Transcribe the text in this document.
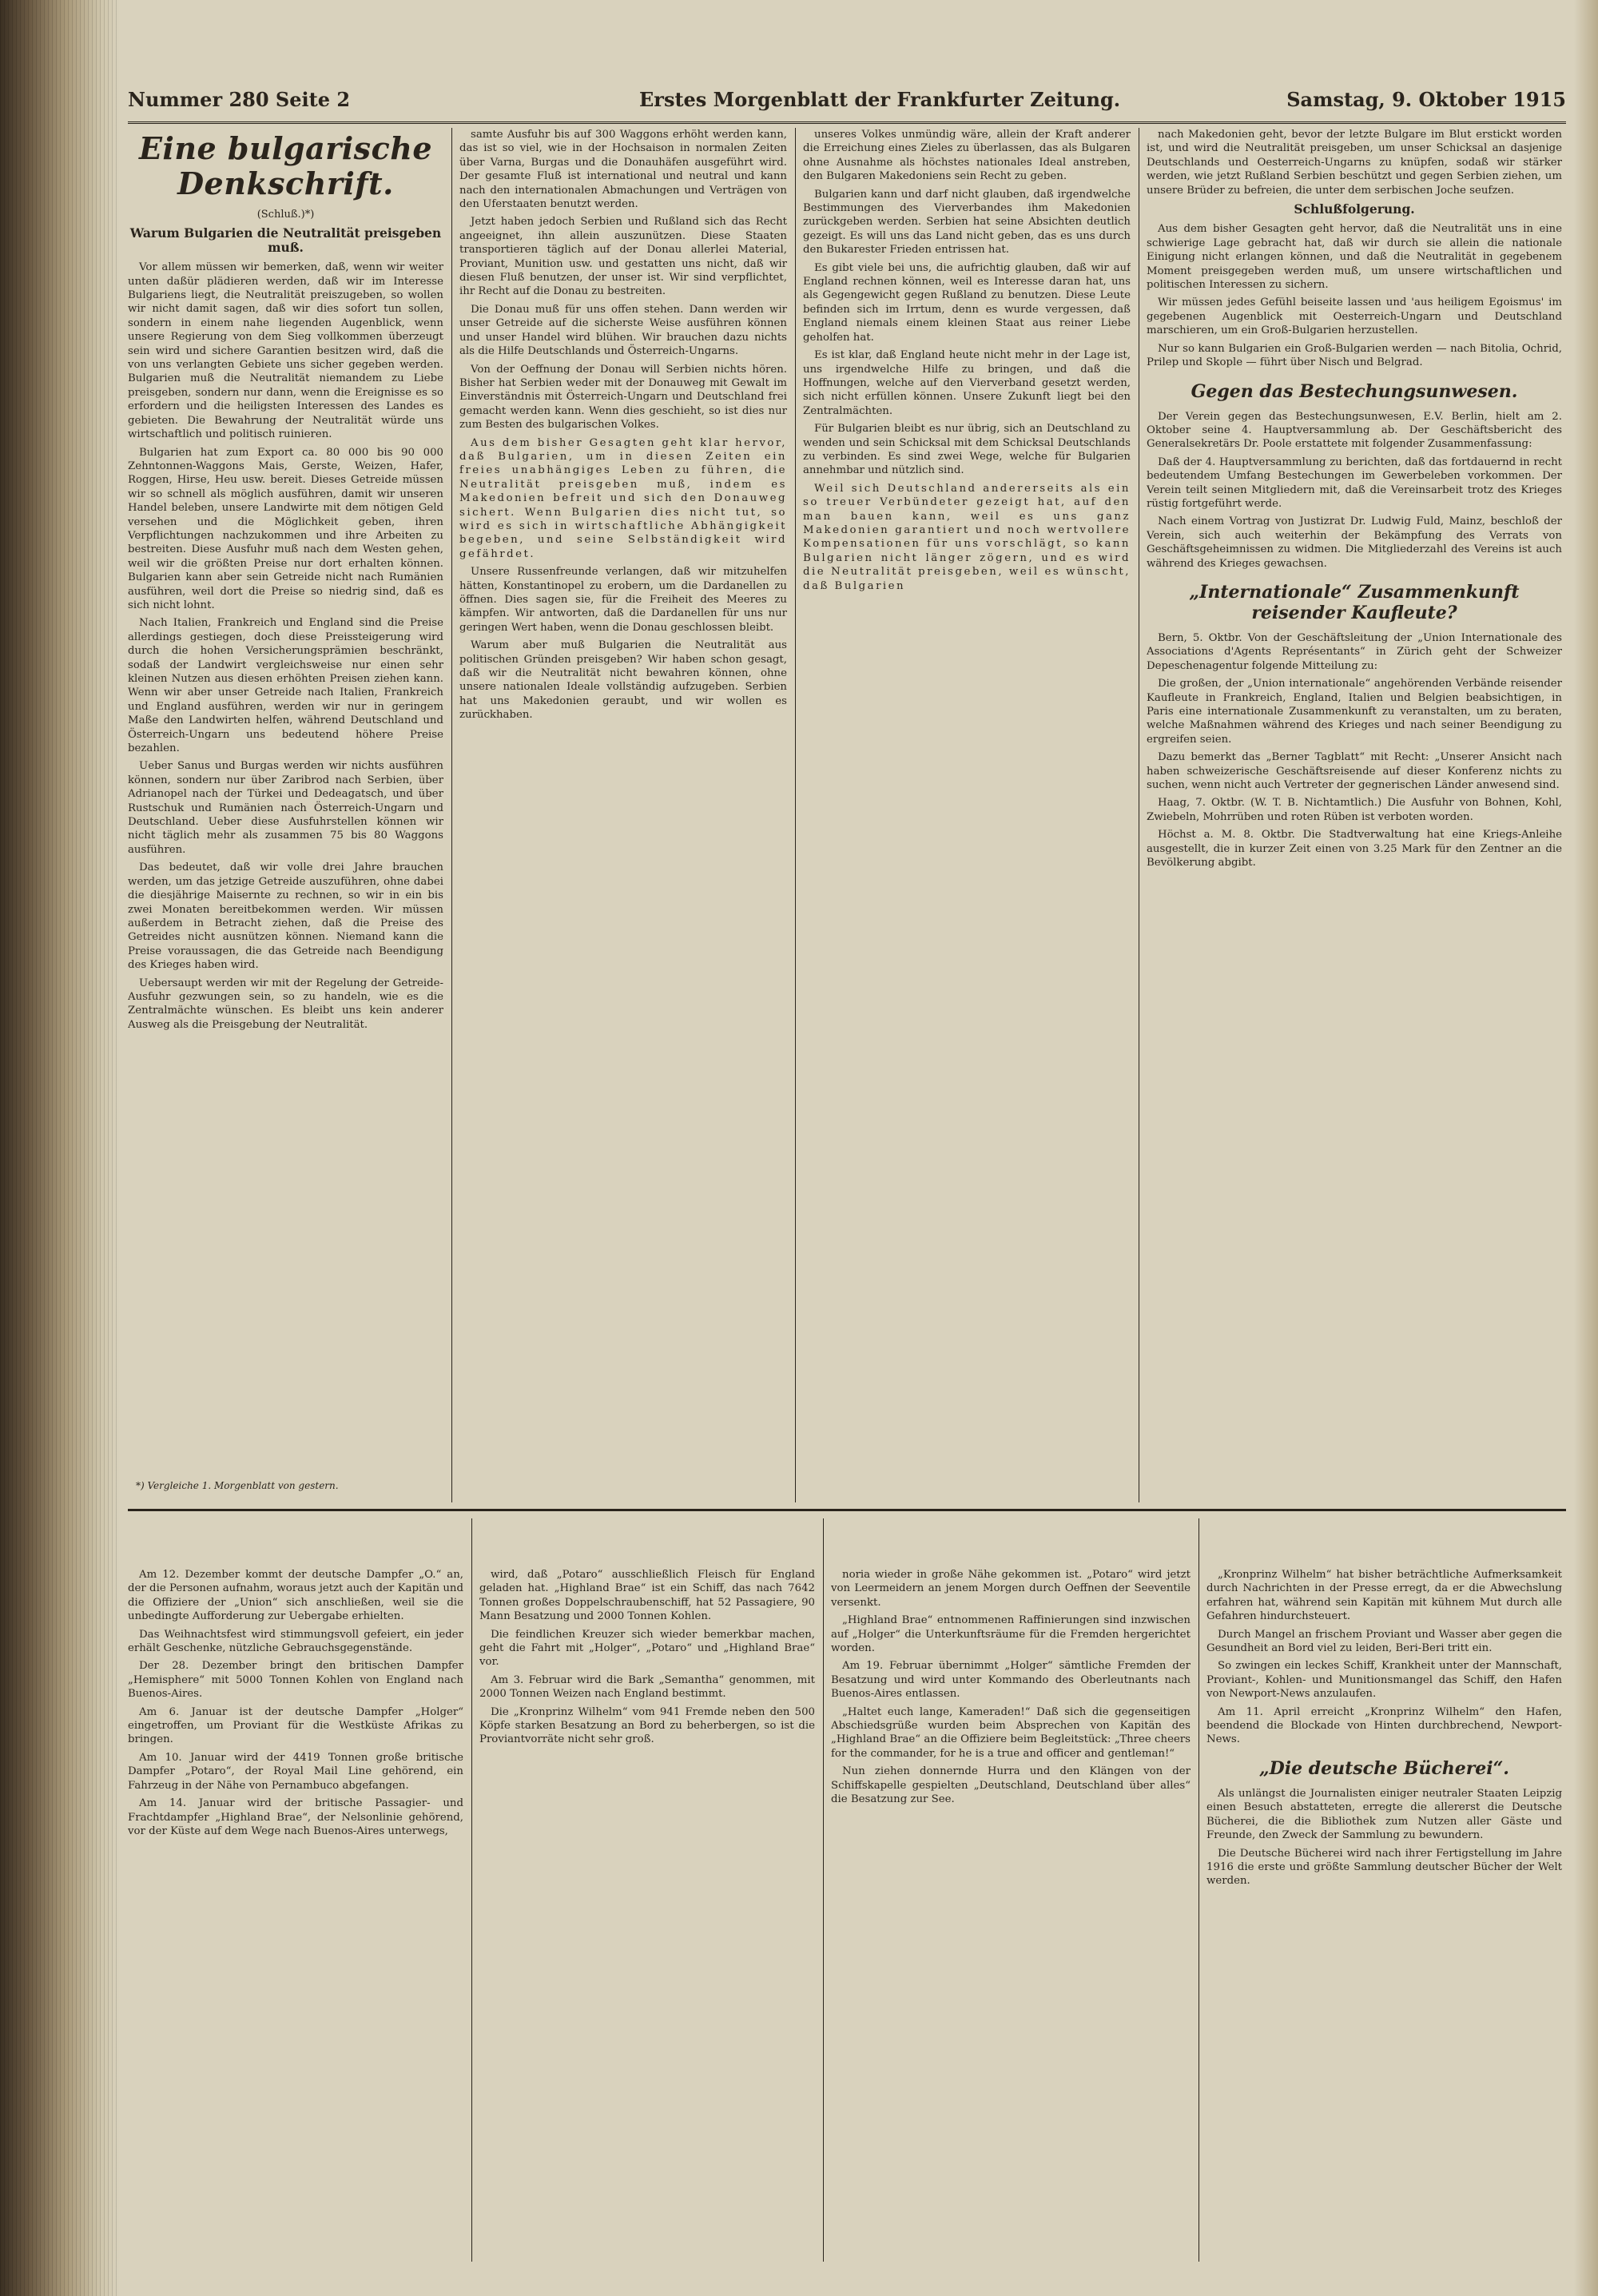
Nummer 280 Seite 2	Erstes Morgenblatt der Frankfurter Zeitung.	Samstag, 9. Oktober 1915
Eine bulgarische Denkschrift.
(Schluß.)*)
Warum Bulgarien die Neutralität preisgeben muß.

Vor allem müssen wir bemerken, daß, wenn wir weiter unten daßür plädieren werden, daß wir im Interesse Bulgariens liegt, die Neutralität preiszugeben, so wollen wir nicht damit sagen, daß wir dies sofort tun sollen, sondern in einem nahe liegenden Augenblick, wenn unsere Regierung von dem Sieg vollkommen überzeugt sein wird und sichere Garantien besitzen wird, daß die von uns verlangten Gebiete uns sicher gegeben werden. Bulgarien muß die Neutralität niemandem zu Liebe preisgeben, sondern nur dann, wenn die Ereignisse es so erfordern und die heiligsten Interessen des Landes es gebieten. Die Bewahrung der Neutralität würde uns wirtschaftlich und politisch ruinieren.

Bulgarien hat zum Export ca. 80 000 bis 90 000 Zehntonnen-Waggons Mais, Gerste, Weizen, Hafer, Roggen, Hirse, Heu usw. bereit. Dieses Getreide müssen wir so schnell als möglich ausführen, damit wir unseren Handel beleben, unsere Landwirte mit dem nötigen Geld versehen und die Möglichkeit geben, ihren Verpflichtungen nachzukommen und ihre Arbeiten zu bestreiten. Diese Ausfuhr muß nach dem Westen gehen, weil wir die größten Preise nur dort erhalten können. Bulgarien kann aber sein Getreide nicht nach Rumänien ausführen, weil dort die Preise so niedrig sind, daß es sich nicht lohnt.

Nach Italien, Frankreich und England sind die Preise allerdings gestiegen, doch diese Preissteigerung wird durch die hohen Versicherungsprämien beschränkt, sodaß der Landwirt vergleichsweise nur einen sehr kleinen Nutzen aus diesen erhöhten Preisen ziehen kann. Wenn wir aber unser Getreide nach Italien, Frankreich und England ausführen, werden wir nur in geringem Maße den Landwirten helfen, während Deutschland und Österreich-Ungarn uns bedeutend höhere Preise bezahlen.

Ueber Sanus und Burgas werden wir nichts ausführen können, sondern nur über Zaribrod nach Serbien, über Adrianopel nach der Türkei und Dedeagatsch, und über Rustschuk und Rumänien nach Österreich-Ungarn und Deutschland. Ueber diese Ausfuhrstellen können wir nicht täglich mehr als zusammen 75 bis 80 Waggons ausführen.

Das bedeutet, daß wir volle drei Jahre brauchen werden, um das jetzige Getreide auszuführen, ohne dabei die diesjährige Maisernte zu rechnen, so wir in ein bis zwei Monaten bereitbekommen werden. Wir müssen außerdem in Betracht ziehen, daß die Preise des Getreides nicht ausnützen können. Niemand kann die Preise voraussagen, die das Getreide nach Beendigung des Krieges haben wird.

Uebersaupt werden wir mit der Regelung der Getreide-Ausfuhr gezwungen sein, so zu handeln, wie es die Zentralmächte wünschen. Es bleibt uns kein anderer Ausweg als die Preisgebung der Neutralität.

*) Vergleiche 1. Morgenblatt von gestern.

samte Ausfuhr bis auf 300 Waggons erhöht werden kann, das ist so viel, wie in der Hochsaison in normalen Zeiten über Varna, Burgas und die Donauhäfen ausgeführt wird. Der gesamte Fluß ist international und neutral und kann nach den internationalen Abmachungen und Verträgen von den Uferstaaten benutzt werden.

Jetzt haben jedoch Serbien und Rußland sich das Recht angeeignet, ihn allein auszunützen. Diese Staaten transportieren täglich auf der Donau allerlei Material, Proviant, Munition usw. und gestatten uns nicht, daß wir diesen Fluß benutzen, der unser ist. Wir sind verpflichtet, ihr Recht auf die Donau zu bestreiten.

Die Donau muß für uns offen stehen. Dann werden wir unser Getreide auf die sicherste Weise ausführen können und unser Handel wird blühen. Wir brauchen dazu nichts als die Hilfe Deutschlands und Österreich-Ungarns.

Von der Oeffnung der Donau will Serbien nichts hören. Bisher hat Serbien weder mit der Donauweg mit Gewalt im Einverständnis mit Österreich-Ungarn und Deutschland frei gemacht werden kann. Wenn dies geschieht, so ist dies nur zum Besten des bulgarischen Volkes.

Aus dem bisher Gesagten geht klar hervor, daß Bulgarien, um in diesen Zeiten ein freies unabhängiges Leben zu führen, die Neutralität preisgeben muß, indem es Makedonien befreit und sich den Donauweg sichert. Wenn Bulgarien dies nicht tut, so wird es sich in wirtschaftliche Abhängigkeit begeben, und seine Selbständigkeit wird gefährdet.

Unsere Russenfreunde verlangen, daß wir mitzuhelfen hätten, Konstantinopel zu erobern, um die Dardanellen zu öffnen. Dies sagen sie, für die Freiheit des Meeres zu kämpfen. Wir antworten, daß die Dardanellen für uns nur geringen Wert haben, wenn die Donau geschlossen bleibt.

Warum aber muß Bulgarien die Neutralität aus politischen Gründen preisgeben? Wir haben schon gesagt, daß wir die Neutralität nicht bewahren können, ohne unsere nationalen Ideale vollständig aufzugeben. Serbien hat uns Makedonien geraubt, und wir wollen es zurückhaben.

unseres Volkes unmündig wäre, allein der Kraft anderer die Erreichung eines Zieles zu überlassen, das als Bulgaren ohne Ausnahme als höchstes nationales Ideal anstreben, den Bulgaren Makedoniens sein Recht zu geben.

Bulgarien kann und darf nicht glauben, daß irgendwelche Bestimmungen des Vierverbandes ihm Makedonien zurückgeben werden. Serbien hat seine Absichten deutlich gezeigt. Es will uns das Land nicht geben, das es uns durch den Bukarester Frieden entrissen hat.

Es gibt viele bei uns, die aufrichtig glauben, daß wir auf England rechnen können, weil es Interesse daran hat, uns als Gegengewicht gegen Rußland zu benutzen. Diese Leute befinden sich im Irrtum, denn es wurde vergessen, daß England niemals einem kleinen Staat aus reiner Liebe geholfen hat.

Es ist klar, daß England heute nicht mehr in der Lage ist, uns irgendwelche Hilfe zu bringen, und daß die Hoffnungen, welche auf den Vierverband gesetzt werden, sich nicht erfüllen können. Unsere Zukunft liegt bei den Zentralmächten.

Für Bulgarien bleibt es nur übrig, sich an Deutschland zu wenden und sein Schicksal mit dem Schicksal Deutschlands zu verbinden. Es sind zwei Wege, welche für Bulgarien annehmbar und nützlich sind.

Weil sich Deutschland andererseits als ein so treuer Verbündeter gezeigt hat, auf den man bauen kann, weil es uns ganz Makedonien garantiert und noch wertvollere Kompensationen für uns vorschlägt, so kann Bulgarien nicht länger zögern, und es wird die Neutralität preisgeben, weil es wünscht, daß Bulgarien

nach Makedonien geht, bevor der letzte Bulgare im Blut erstickt worden ist, und wird die Neutralität preisgeben, um unser Schicksal an dasjenige Deutschlands und Oesterreich-Ungarns zu knüpfen, sodaß wir stärker werden, wie jetzt Rußland Serbien beschützt und gegen Serbien ziehen, um unsere Brüder zu befreien, die unter dem serbischen Joche seufzen.

Schlußfolgerung.

Aus dem bisher Gesagten geht hervor, daß die Neutralität uns in eine schwierige Lage gebracht hat, daß wir durch sie allein die nationale Einigung nicht erlangen können, und daß die Neutralität in gegebenem Moment preisgegeben werden muß, um unsere wirtschaftlichen und politischen Interessen zu sichern.

Wir müssen jedes Gefühl beiseite lassen und 'aus heiligem Egoismus' im gegebenen Augenblick mit Oesterreich-Ungarn und Deutschland marschieren, um ein Groß-Bulgarien herzustellen.

Nur so kann Bulgarien ein Groß-Bulgarien werden — nach Bitolia, Ochrid, Prilep und Skople — führt über Nisch und Belgrad.

Gegen das Bestechungsunwesen.

Der Verein gegen das Bestechungsunwesen, E.V. Berlin, hielt am 2. Oktober seine 4. Hauptversammlung ab. Der Geschäftsbericht des Generalsekretärs Dr. Poole erstattete mit folgender Zusammenfassung:

Daß der 4. Hauptversammlung zu berichten, daß das fortdauernd in recht bedeutendem Umfang Bestechungen im Gewerbeleben vorkommen. Der Verein teilt seinen Mitgliedern mit, daß die Vereinsarbeit trotz des Krieges rüstig fortgeführt werde.

Nach einem Vortrag von Justizrat Dr. Ludwig Fuld, Mainz, beschloß der Verein, sich auch weiterhin der Bekämpfung des Verrats von Geschäftsgeheimnissen zu widmen. Die Mitgliederzahl des Vereins ist auch während des Krieges gewachsen.

„Internationale“ Zusammenkunft reisender Kaufleute?

Bern, 5. Oktbr. Von der Geschäftsleitung der „Union Internationale des Associations d'Agents Représentants“ in Zürich geht der Schweizer Depeschenagentur folgende Mitteilung zu:

Die großen, der „Union internationale“ angehörenden Verbände reisender Kaufleute in Frankreich, England, Italien und Belgien beabsichtigen, in Paris eine internationale Zusammenkunft zu veranstalten, um zu beraten, welche Maßnahmen während des Krieges und nach seiner Beendigung zu ergreifen seien.

Dazu bemerkt das „Berner Tagblatt“ mit Recht: „Unserer Ansicht nach haben schweizerische Geschäftsreisende auf dieser Konferenz nichts zu suchen, wenn nicht auch Vertreter der gegnerischen Länder anwesend sind.

Haag, 7. Oktbr. (W. T. B. Nichtamtlich.) Die Ausfuhr von Bohnen, Kohl, Zwiebeln, Mohrrüben und roten Rüben ist verboten worden.

Höchst a. M. 8. Oktbr. Die Stadtverwaltung hat eine Kriegs-Anleihe ausgestellt, die in kurzer Zeit einen von 3.25 Mark für den Zentner an die Bevölkerung abgibt.

Am 12. Dezember kommt der deutsche Dampfer „O.“ an, der die Personen aufnahm, woraus jetzt auch der Kapitän und die Offiziere der „Union“ sich anschließen, weil sie die unbedingte Aufforderung zur Uebergabe erhielten.

Das Weihnachtsfest wird stimmungsvoll gefeiert, ein jeder erhält Geschenke, nützliche Gebrauchsgegenstände.

Der 28. Dezember bringt den britischen Dampfer „Hemisphere“ mit 5000 Tonnen Kohlen von England nach Buenos-Aires.

Am 6. Januar ist der deutsche Dampfer „Holger“ eingetroffen, um Proviant für die Westküste Afrikas zu bringen.

Am 10. Januar wird der 4419 Tonnen große britische Dampfer „Potaro“, der Royal Mail Line gehörend, ein Fahrzeug in der Nähe von Pernambuco abgefangen.

Am 14. Januar wird der britische Passagier- und Frachtdampfer „Highland Brae“, der Nelsonlinie gehörend, vor der Küste auf dem Wege nach Buenos-Aires unterwegs,

wird, daß „Potaro“ ausschließlich Fleisch für England geladen hat. „Highland Brae“ ist ein Schiff, das nach 7642 Tonnen großes Doppelschraubenschiff, hat 52 Passagiere, 90 Mann Besatzung und 2000 Tonnen Kohlen.

Die feindlichen Kreuzer sich wieder bemerkbar machen, geht die Fahrt mit „Holger“, „Potaro“ und „Highland Brae“ vor.

Am 3. Februar wird die Bark „Semantha“ genommen, mit 2000 Tonnen Weizen nach England bestimmt.

Die „Kronprinz Wilhelm“ vom 941 Fremde neben den 500 Köpfe starken Besatzung an Bord zu beherbergen, so ist die Proviantvorräte nicht sehr groß.

noria wieder in große Nähe gekommen ist. „Potaro“ wird jetzt von Leermeidern an jenem Morgen durch Oeffnen der Seeventile versenkt.

„Highland Brae“ entnommenen Raffinierungen sind inzwischen auf „Holger“ die Unterkunftsräume für die Fremden hergerichtet worden.

Am 19. Februar übernimmt „Holger“ sämtliche Fremden der Besatzung und wird unter Kommando des Oberleutnants nach Buenos-Aires entlassen.

„Haltet euch lange, Kameraden!“ Daß sich die gegenseitigen Abschiedsgrüße wurden beim Absprechen von Kapitän des „Highland Brae“ an die Offiziere beim Begleitstück: „Three cheers for the commander, for he is a true and officer and gentleman!“

Nun ziehen donnernde Hurra und den Klängen von der Schiffskapelle gespielten „Deutschland, Deutschland über alles“ die Besatzung zur See.

„Kronprinz Wilhelm“ hat bisher beträchtliche Aufmerksamkeit durch Nachrichten in der Presse erregt, da er die Abwechslung erfahren hat, während sein Kapitän mit kühnem Mut durch alle Gefahren hindurchsteuert.

Durch Mangel an frischem Proviant und Wasser aber gegen die Gesundheit an Bord viel zu leiden, Beri-Beri tritt ein.

So zwingen ein leckes Schiff, Krankheit unter der Mannschaft, Proviant-, Kohlen- und Munitionsmangel das Schiff, den Hafen von Newport-News anzulaufen.

Am 11. April erreicht „Kronprinz Wilhelm“ den Hafen, beendend die Blockade von Hinten durchbrechend, Newport-News.

„Die deutsche Bücherei“.

Als unlängst die Journalisten einiger neutraler Staaten Leipzig einen Besuch abstatteten, erregte die allererst die Deutsche Bücherei, die die Bibliothek zum Nutzen aller Gäste und Freunde, den Zweck der Sammlung zu bewundern.

Die Deutsche Bücherei wird nach ihrer Fertigstellung im Jahre 1916 die erste und größte Sammlung deutscher Bücher der Welt werden.
